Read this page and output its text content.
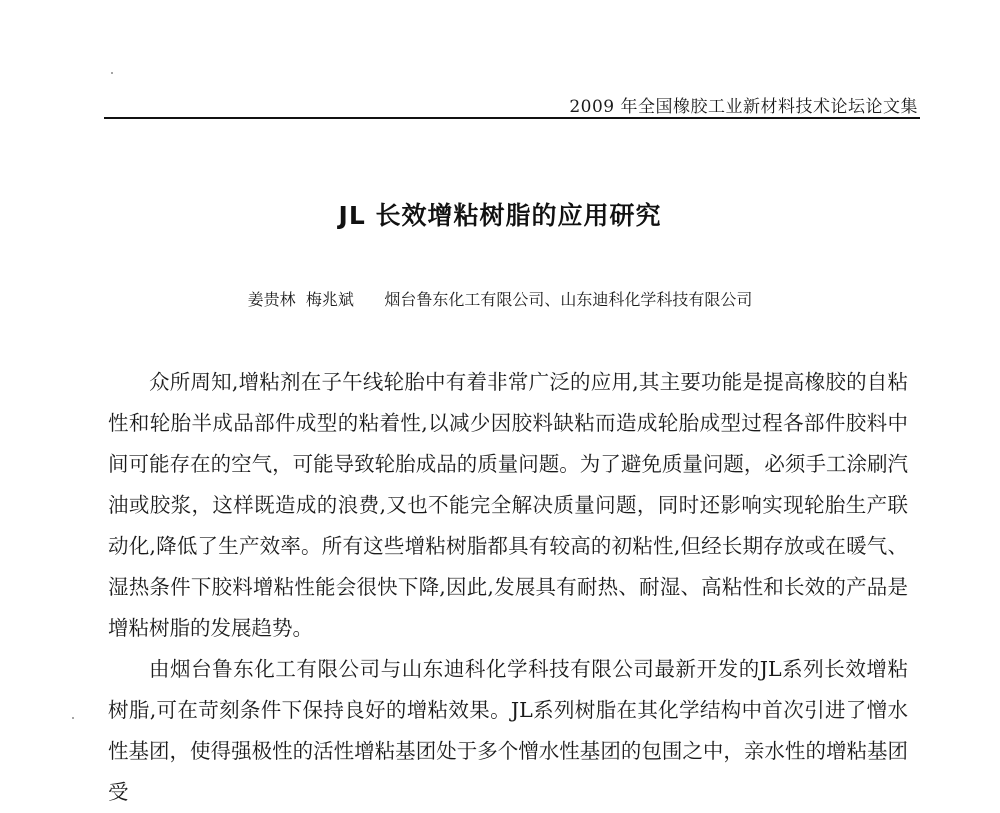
2009 年全国橡胶工业新材料技术论坛论文集
JL 长效增粘树脂的应用研究
姜贵林  梅兆斌 烟台鲁东化工有限公司、山东迪科化学科技有限公司

众所周知,增粘剂在子午线轮胎中有着非常广泛的应用,其主要功能是提高橡胶的自粘性和轮胎半成品部件成型的粘着性,以减少因胶料缺粘而造成轮胎成型过程各部件胶料中间可能存在的空气，可能导致轮胎成品的质量问题。为了避免质量问题，必须手工涂刷汽油或胶浆，这样既造成的浪费,又也不能完全解决质量问题，同时还影响实现轮胎生产联动化,降低了生产效率。所有这些增粘树脂都具有较高的初粘性,但经长期存放或在暖气、湿热条件下胶料增粘性能会很快下降,因此,发展具有耐热、耐湿、高粘性和长效的产品是增粘树脂的发展趋势。

由烟台鲁东化工有限公司与山东迪科化学科技有限公司最新开发的JL系列长效增粘树脂,可在苛刻条件下保持良好的增粘效果。JL系列树脂在其化学结构中首次引进了憎水性基团，使得强极性的活性增粘基团处于多个憎水性基团的包围之中，亲水性的增粘基团受
